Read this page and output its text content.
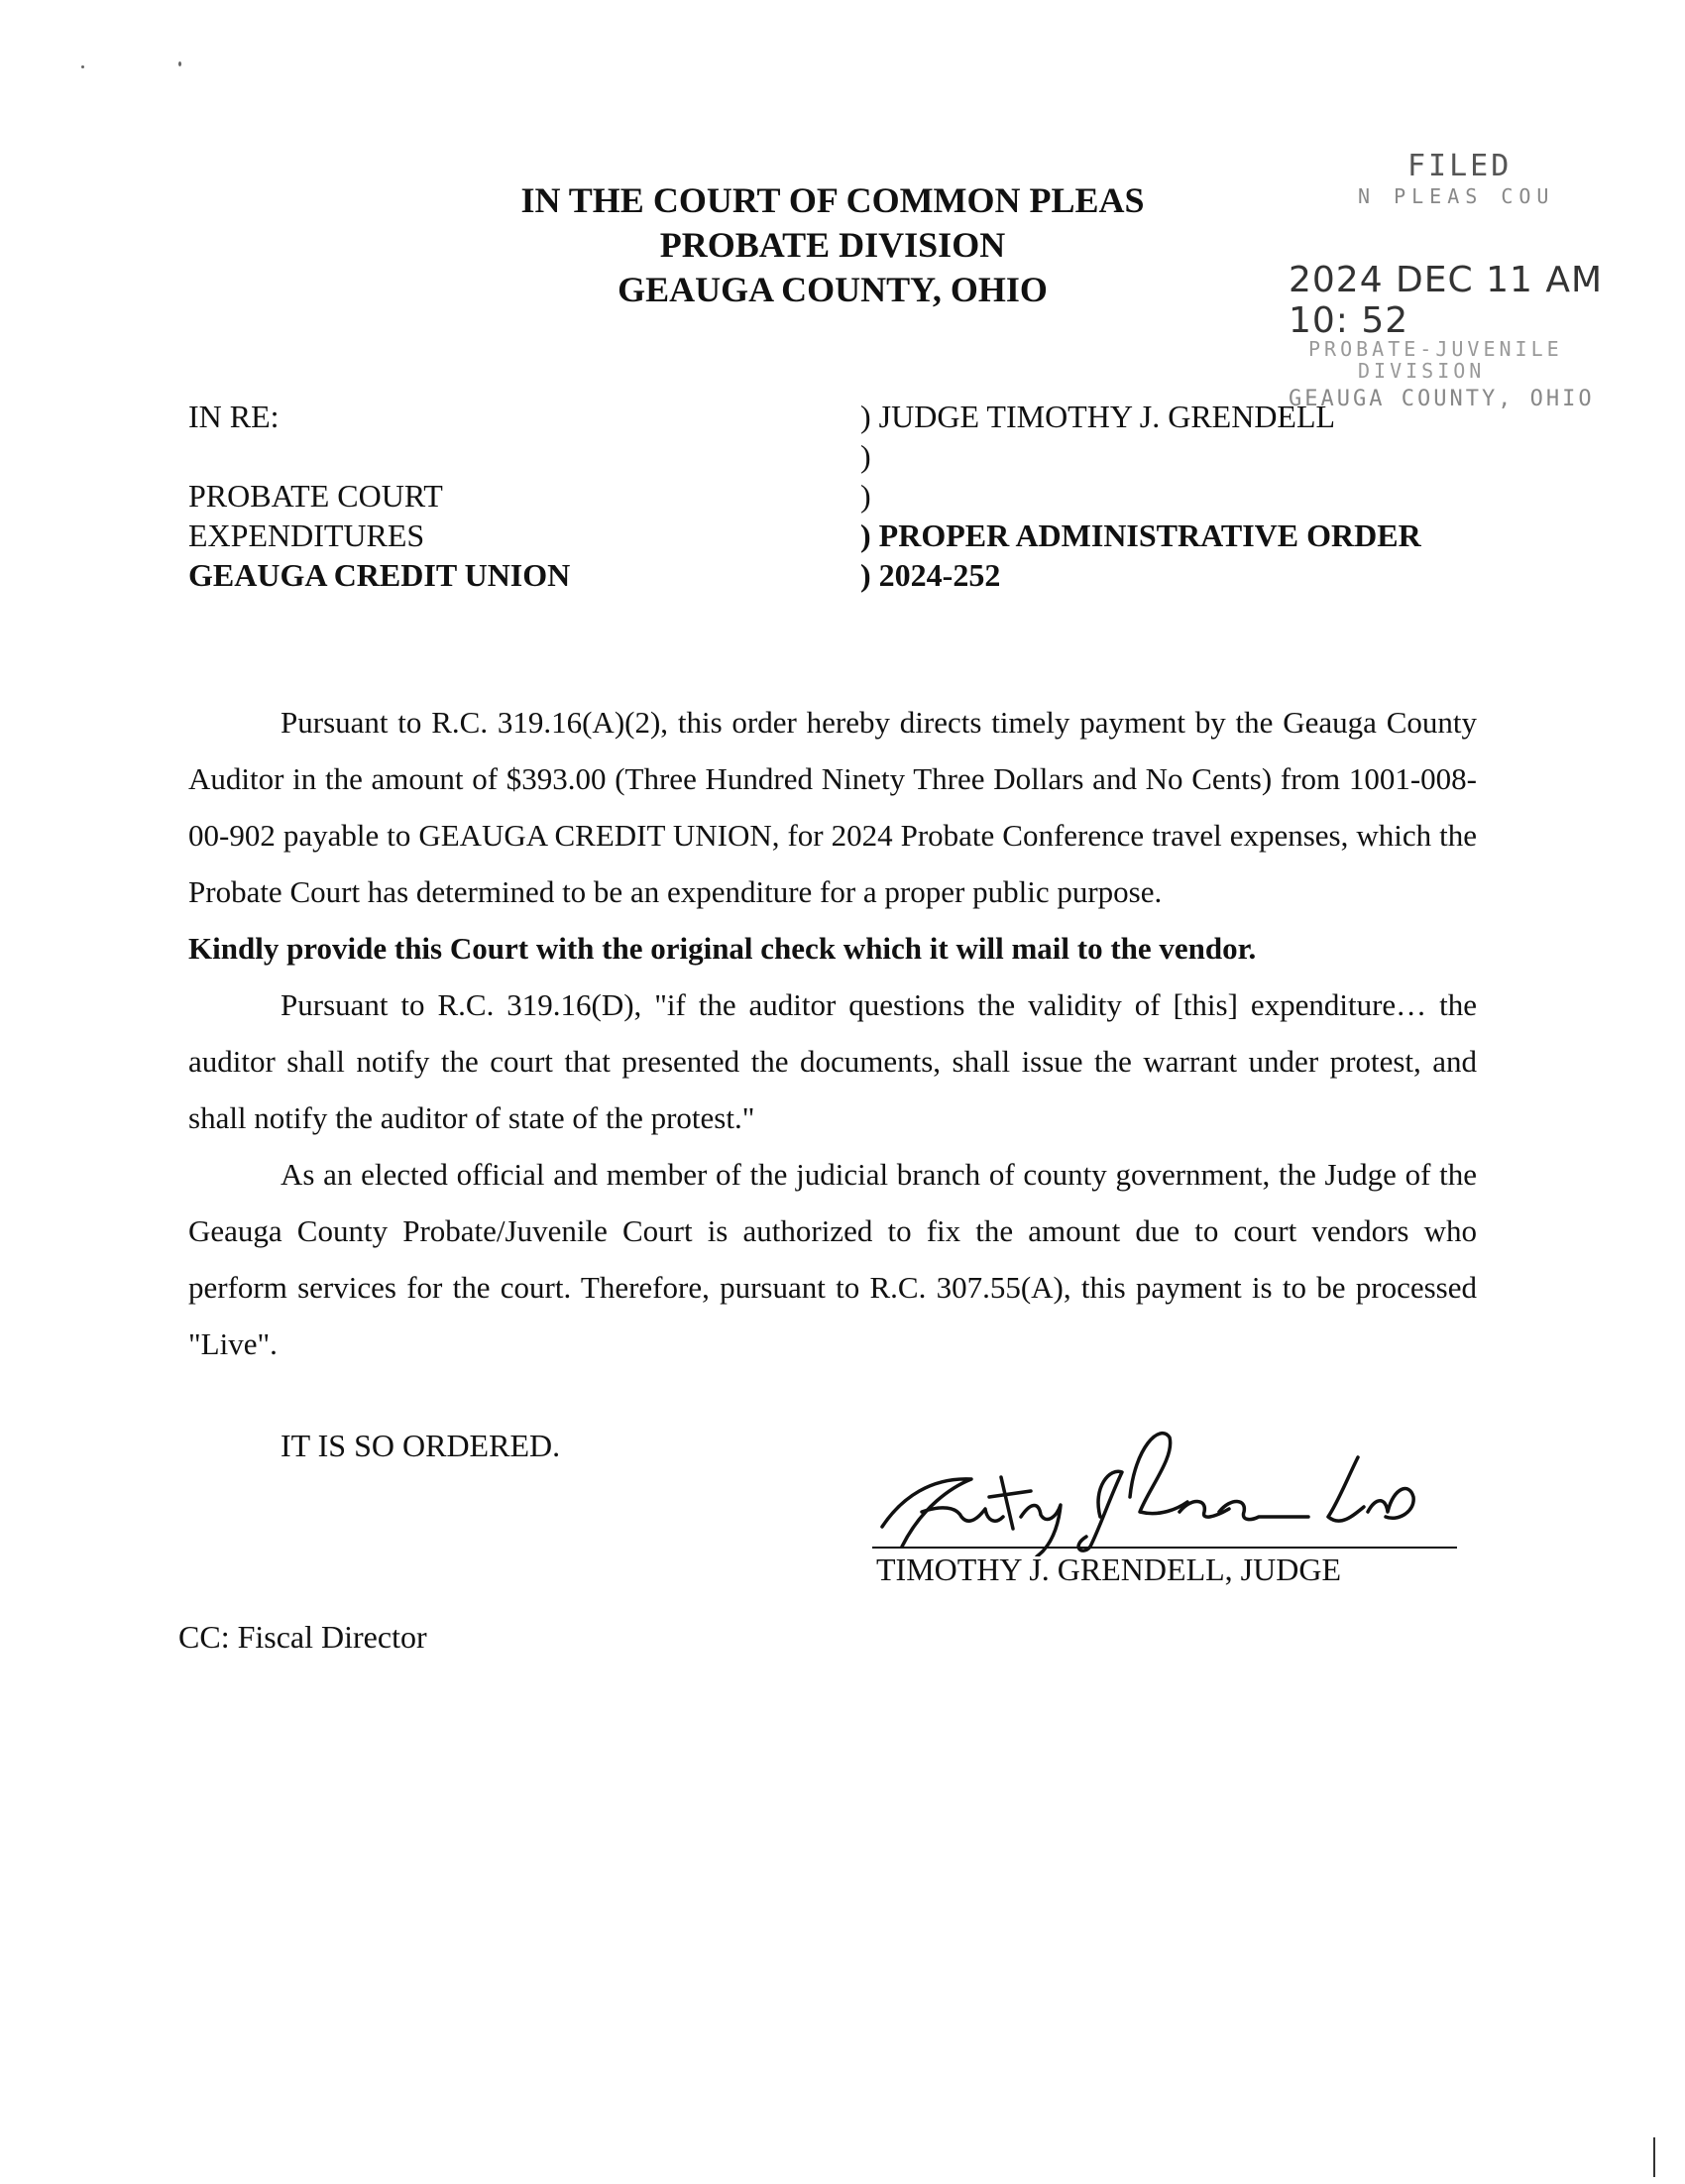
IN THE COURT OF COMMON PLEAS
PROBATE DIVISION
GEAUGA COUNTY, OHIO
FILED
N PLEAS COU
2024 DEC 11 AM 10: 52
PROBATE-JUVENILE
DIVISION
GEAUGA COUNTY, OHIO
IN RE:
PROBATE COURT
EXPENDITURES
GEAUGA CREDIT UNION
) JUDGE TIMOTHY J. GRENDELL
)
)
) PROPER ADMINISTRATIVE ORDER
) 2024-252

Pursuant to R.C. 319.16(A)(2), this order hereby directs timely payment by the Geauga County Auditor in the amount of $393.00 (Three Hundred Ninety Three Dollars and No Cents) from 1001-008-00-902 payable to GEAUGA CREDIT UNION, for 2024 Probate Conference travel expenses, which the Probate Court has determined to be an expenditure for a proper public purpose.

Kindly provide this Court with the original check which it will mail to the vendor.

Pursuant to R.C. 319.16(D), "if the auditor questions the validity of [this] expenditure… the auditor shall notify the court that presented the documents, shall issue the warrant under protest, and shall notify the auditor of state of the protest."

As an elected official and member of the judicial branch of county government, the Judge of the Geauga County Probate/Juvenile Court is authorized to fix the amount due to court vendors who perform services for the court. Therefore, pursuant to R.C. 307.55(A), this payment is to be processed "Live".

IT IS SO ORDERED.
TIMOTHY J. GRENDELL, JUDGE
CC: Fiscal Director
